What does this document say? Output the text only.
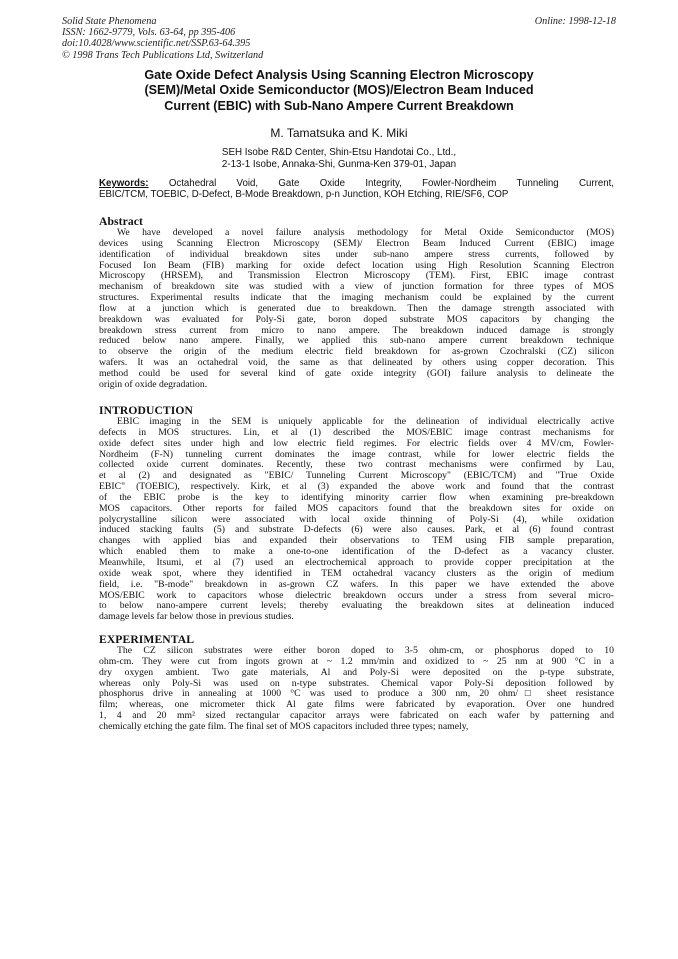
Solid State Phenomena
ISSN: 1662-9779, Vols. 63-64, pp 395-406
doi:10.4028/www.scientific.net/SSP.63-64.395
© 1998 Trans Tech Publications Ltd, Switzerland
Online: 1998-12-18
Gate Oxide Defect Analysis Using Scanning Electron Microscopy
(SEM)/Metal Oxide Semiconductor (MOS)/Electron Beam Induced
Current (EBIC) with Sub-Nano Ampere Current Breakdown
M. Tamatsuka and K. Miki
SEH Isobe R&D Center, Shin-Etsu Handotai Co., Ltd.,
2-13-1 Isobe, Annaka-Shi, Gunma-Ken 379-01, Japan
Keywords: Octahedral Void, Gate Oxide Integrity, Fowler-Nordheim Tunneling Current,
EBIC/TCM, TOEBIC, D-Defect, B-Mode Breakdown, p-n Junction, KOH Etching, RIE/SF6, COP
Abstract
We have developed a novel failure analysis methodology for Metal Oxide Semiconductor (MOS)
devices using Scanning Electron Microscopy (SEM)/ Electron Beam Induced Current (EBIC) image
identification of individual breakdown sites under sub-nano ampere stress currents, followed by
Focused Ion Beam (FIB) marking for oxide defect location using High Resolution Scanning Electron
Microscopy (HRSEM), and Transmission Electron Microscopy (TEM). First, EBIC image contrast
mechanism of breakdown site was studied with a view of junction formation for three types of MOS
structures. Experimental results indicate that the imaging mechanism could be explained by the current
flow at a junction which is generated due to breakdown. Then the damage strength associated with
breakdown was evaluated for Poly-Si gate, boron doped substrate MOS capacitors by changing the
breakdown stress current from micro to nano ampere. The breakdown induced damage is strongly
reduced below nano ampere. Finally, we applied this sub-nano ampere current breakdown technique
to observe the origin of the medium electric field breakdown for as-grown Czochralski (CZ) silicon
wafers. It was an octahedral void, the same as that delineated by others using copper decoration. This
method could be used for several kind of gate oxide integrity (GOI) failure analysis to delineate the
origin of oxide degradation.
INTRODUCTION
EBIC imaging in the SEM is uniquely applicable for the delineation of individual electrically active
defects in MOS structures. Lin, et al (1) described the MOS/EBIC image contrast mechanisms for
oxide defect sites under high and low electric field regimes. For electric fields over 4 MV/cm, Fowler-
Nordheim (F-N) tunneling current dominates the image contrast, while for lower electric fields the
collected oxide current dominates. Recently, these two contrast mechanisms were confirmed by Lau,
et al (2) and designated as "EBIC/ Tunneling Current Microscopy" (EBIC/TCM) and "True Oxide
EBIC" (TOEBIC), respectively. Kirk, et al (3) expanded the above work and found that the contrast
of the EBIC probe is the key to identifying minority carrier flow when examining pre-breakdown
MOS capacitors. Other reports for failed MOS capacitors found that the breakdown sites for oxide on
polycrystalline silicon were associated with local oxide thinning of Poly-Si (4), while oxidation
induced stacking faults (5) and substrate D-defects (6) were also causes. Park, et al (6) found contrast
changes with applied bias and expanded their observations to TEM using FIB sample preparation,
which enabled them to make a one-to-one identification of the D-defect as a vacancy cluster.
Meanwhile, Itsumi, et al (7) used an electrochemical approach to provide copper precipitation at the
oxide weak spot, where they identified in TEM octahedral vacancy clusters as the origin of medium
field, i.e. "B-mode" breakdown in as-grown CZ wafers. In this paper we have extended the above
MOS/EBIC work to capacitors whose dielectric breakdown occurs under a stress from several micro-
to below nano-ampere current levels; thereby evaluating the breakdown sites at delineation induced
damage levels far below those in previous studies.
EXPERIMENTAL
The CZ silicon substrates were either boron doped to 3-5 ohm-cm, or phosphorus doped to 10
ohm-cm. They were cut from ingots grown at ~ 1.2 mm/min and oxidized to ~ 25 nm at 900 °C in a
dry oxygen ambient. Two gate materials, Al and Poly-Si were deposited on the p-type substrate,
whereas only Poly-Si was used on n-type substrates. Chemical vapor Poly-Si deposition followed by
phosphorus drive in annealing at 1000 °C was used to produce a 300 nm, 20 ohm/□ sheet resistance
film; whereas, one micrometer thick Al gate films were fabricated by evaporation. Over one hundred
1, 4 and 20 mm² sized rectangular capacitor arrays were fabricated on each wafer by patterning and
chemically etching the gate film. The final set of MOS capacitors included three types; namely,
